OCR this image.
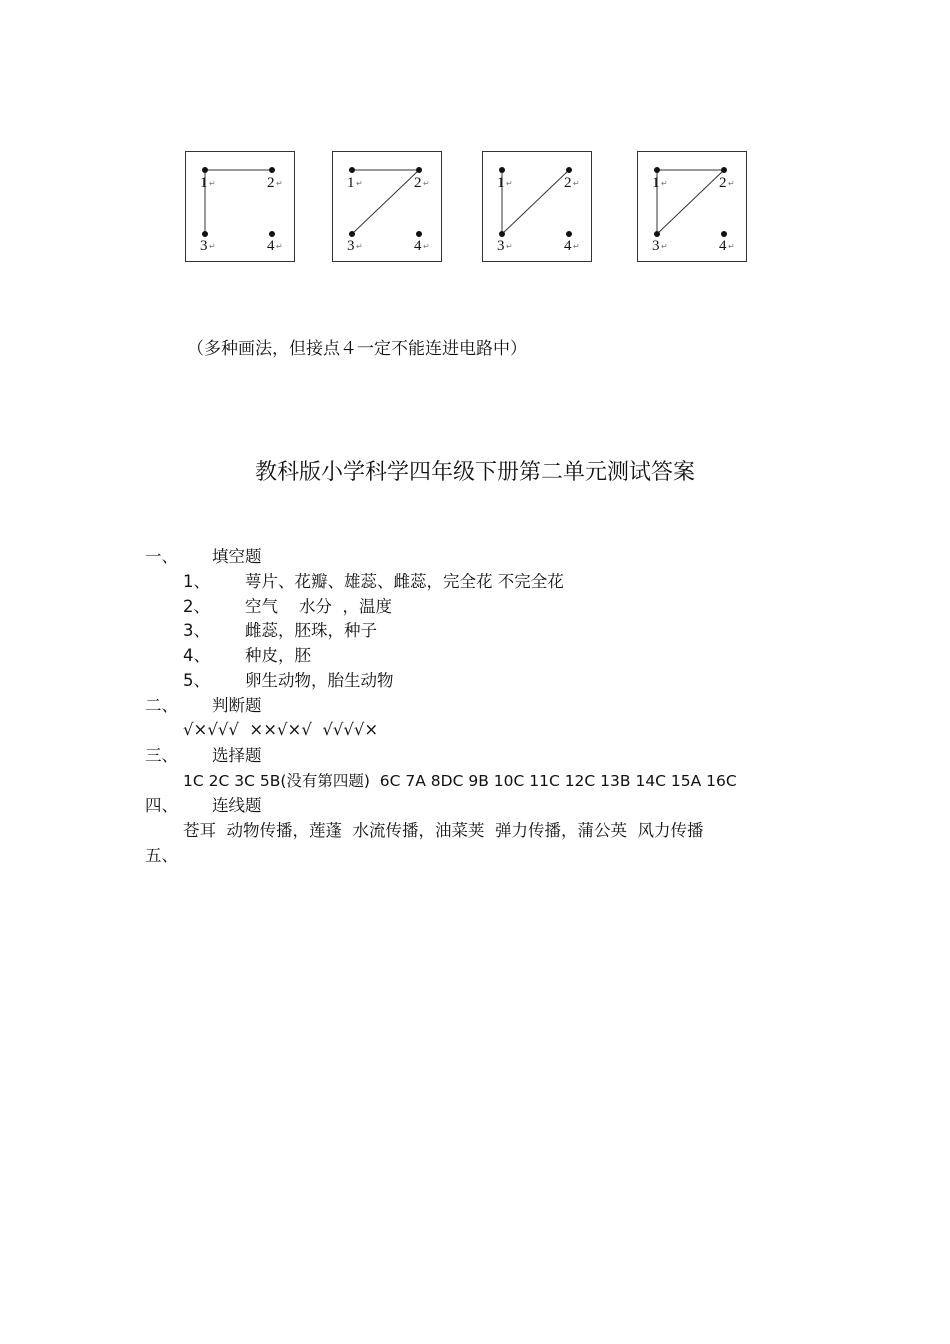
1 ↵	2 ↵
3 ↵	4 ↵
1 ↵	2 ↵
3 ↵	4 ↵
1 ↵	2 ↵
3 ↵	4 ↵
1 ↵	2 ↵
3 ↵	4 ↵
（多种画法，但接点４一定不能连进电路中）
教科版小学科学四年级下册第二单元测试答案
一、 填空题
1、 萼片、花瓣、雄蕊、雌蕊，完全花 不完全花
2、 空气    水分  ，温度
3、 雌蕊，胚珠，种子
4、 种皮，胚
5、 卵生动物，胎生动物
二、 判断题
√×√√√  ××√×√  √√√√×
三、 选择题
1C 2C 3C 5B(没有第四题)  6C 7A 8DC 9B 10C 11C 12C 13B 14C 15A 16C
四、 连线题
苍耳  动物传播，莲蓬  水流传播，油菜荚  弹力传播，蒲公英  风力传播
五、
